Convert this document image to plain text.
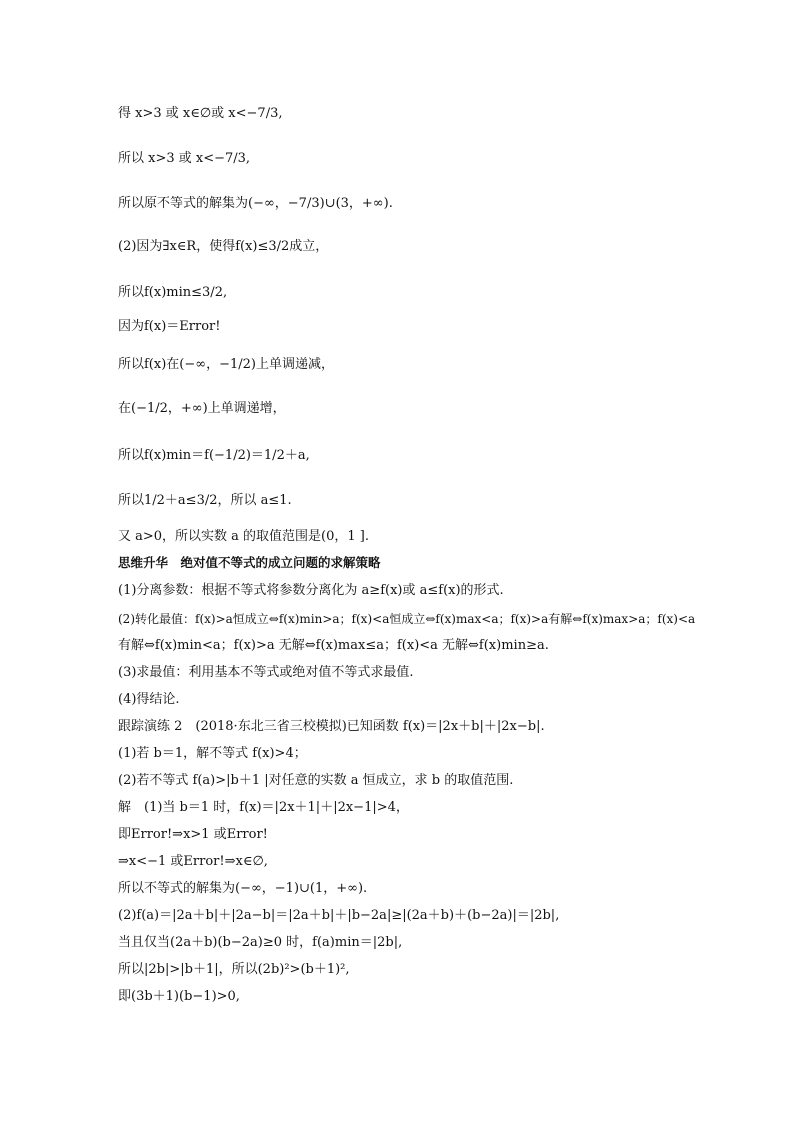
得 x>3 或 x∈∅或 x<−7/3,
所以 x>3 或 x<−7/3,
所以原不等式的解集为(−∞，−7/3)∪(3，+∞).
(2)因为∃x∈R，使得f(x)≤3/2成立，
所以f(x)min≤3/2,
因为f(x)＝Error!
所以f(x)在(−∞，−1/2)上单调递减，
在(−1/2，+∞)上单调递增，
所以f(x)min＝f(−1/2)＝1/2＋a,
所以1/2＋a≤3/2，所以 a≤1.
又 a>0，所以实数 a 的取值范围是(0，1 ].
思维升华　绝对值不等式的成立问题的求解策略
(1)分离参数：根据不等式将参数分离化为 a≥f(x)或 a≤f(x)的形式.
(2)转化最值：f(x)>a恒成立⇔f(x)min>a；f(x)<a恒成立⇔f(x)max<a；f(x)>a有解⇔f(x)max>a；f(x)<a
有解⇔f(x)min<a；f(x)>a 无解⇔f(x)max≤a；f(x)<a 无解⇔f(x)min≥a.
(3)求最值：利用基本不等式或绝对值不等式求最值.
(4)得结论.
跟踪演练 2　(2018·东北三省三校模拟)已知函数 f(x)＝|2x＋b|＋|2x−b|.
(1)若 b＝1，解不等式 f(x)>4；
(2)若不等式 f(a)>|b＋1 |对任意的实数 a 恒成立，求 b 的取值范围.
解　(1)当 b＝1 时，f(x)＝|2x＋1|＋|2x−1|>4，
即Error!⇒x>1 或Error!
⇒x<−1 或Error!⇒x∈∅,
所以不等式的解集为(−∞，−1)∪(1，+∞).
(2)f(a)＝|2a＋b|＋|2a−b|＝|2a＋b|＋|b−2a|≥|(2a＋b)＋(b−2a)|＝|2b|,
当且仅当(2a＋b)(b−2a)≥0 时，f(a)min＝|2b|,
所以|2b|>|b＋1|，所以(2b)²>(b＋1)²,
即(3b＋1)(b−1)>0,
